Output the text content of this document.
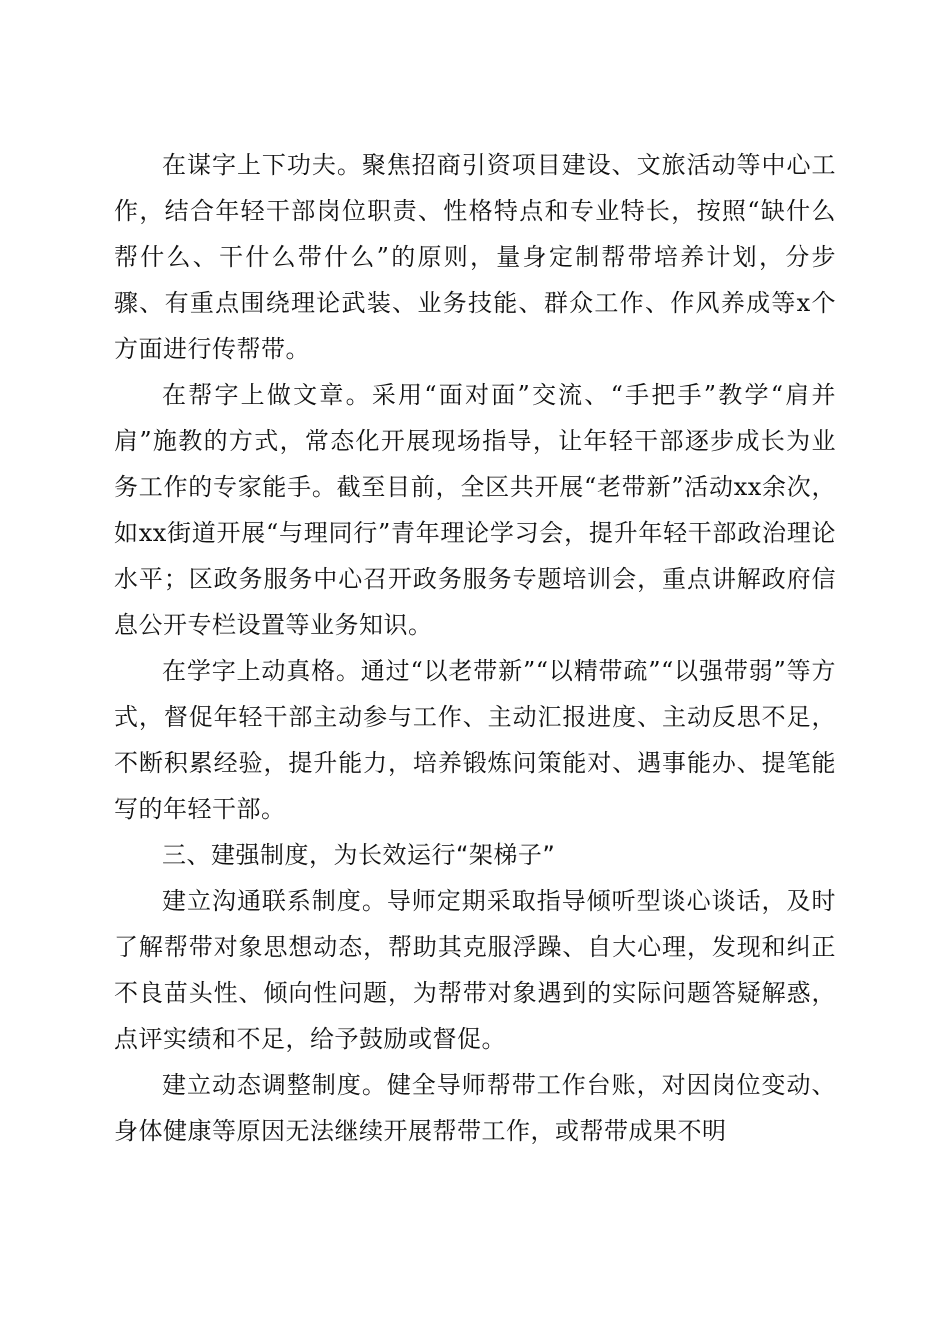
在谋字上下功夫。聚焦招商引资项目建设、文旅活动等中心工作，结合年轻干部岗位职责、性格特点和专业特长，按照“缺什么帮什么、干什么带什么”的原则，量身定制帮带培养计划，分步骤、有重点围绕理论武装、业务技能、群众工作、作风养成等x个方面进行传帮带。

在帮字上做文章。采用“面对面”交流、“手把手”教学“肩并肩”施教的方式，常态化开展现场指导，让年轻干部逐步成长为业务工作的专家能手。截至目前，全区共开展“老带新”活动xx余次，如xx街道开展“与理同行”青年理论学习会，提升年轻干部政治理论水平；区政务服务中心召开政务服务专题培训会，重点讲解政府信息公开专栏设置等业务知识。

在学字上动真格。通过“以老带新”“以精带疏”“以强带弱”等方式，督促年轻干部主动参与工作、主动汇报进度、主动反思不足，不断积累经验，提升能力，培养锻炼问策能对、遇事能办、提笔能写的年轻干部。

三、建强制度，为长效运行“架梯子”

建立沟通联系制度。导师定期采取指导倾听型谈心谈话，及时了解帮带对象思想动态，帮助其克服浮躁、自大心理，发现和纠正不良苗头性、倾向性问题，为帮带对象遇到的实际问题答疑解惑，点评实绩和不足，给予鼓励或督促。

建立动态调整制度。健全导师帮带工作台账，对因岗位变动、身体健康等原因无法继续开展帮带工作，或帮带成果不明
